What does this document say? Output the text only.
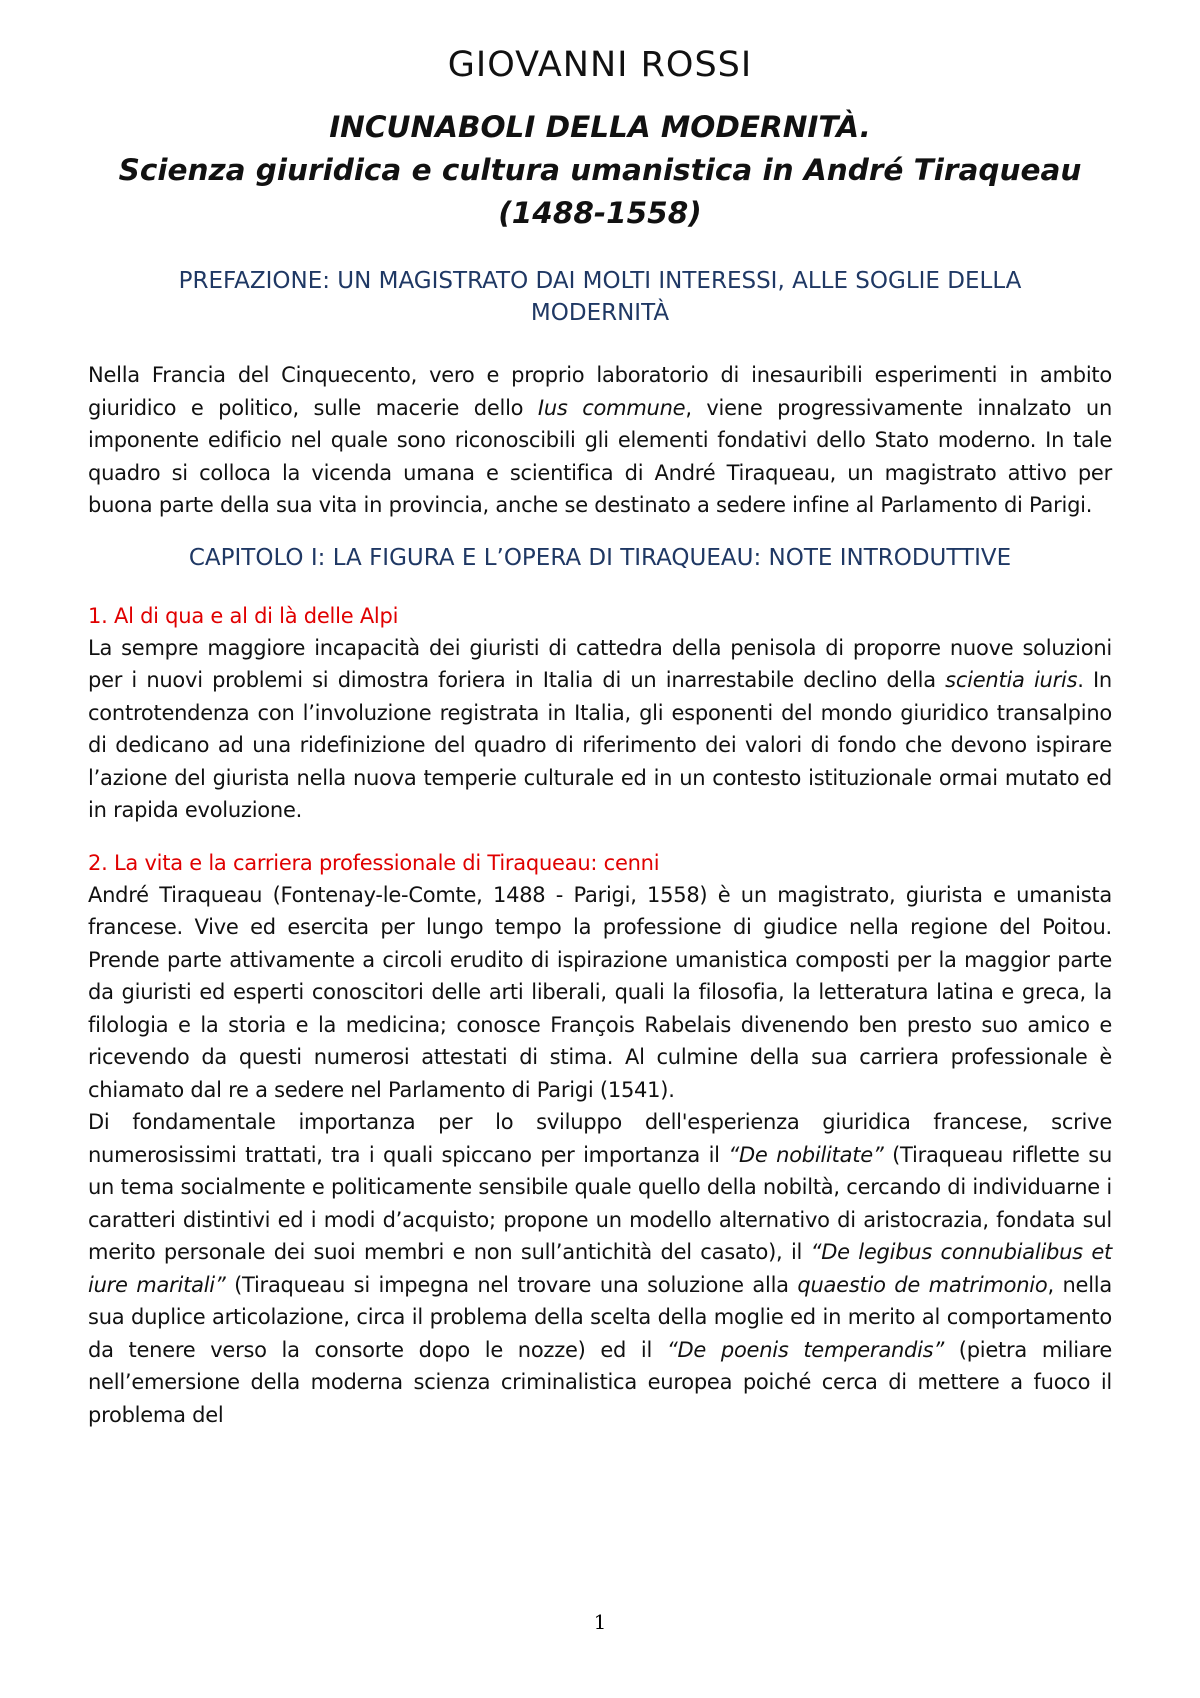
GIOVANNI ROSSI
INCUNABOLI DELLA MODERNITÀ.
Scienza giuridica e cultura umanistica in André Tiraqueau
(1488-1558)
PREFAZIONE: UN MAGISTRATO DAI MOLTI INTERESSI, ALLE SOGLIE DELLA
MODERNITÀ

Nella Francia del Cinquecento, vero e proprio laboratorio di inesauribili esperimenti in ambito giuridico e politico, sulle macerie dello Ius commune, viene progressivamente innalzato un imponente edificio nel quale sono riconoscibili gli elementi fondativi dello Stato moderno. In tale quadro si colloca la vicenda umana e scientifica di André Tiraqueau, un magistrato attivo per buona parte della sua vita in provincia, anche se destinato a sedere infine al Parlamento di Parigi.

CAPITOLO I: LA FIGURA E L’OPERA DI TIRAQUEAU: NOTE INTRODUTTIVE
1. Al di qua e al di là delle Alpi

La sempre maggiore incapacità dei giuristi di cattedra della penisola di proporre nuove soluzioni per i nuovi problemi si dimostra foriera in Italia di un inarrestabile declino della scientia iuris. In controtendenza con l’involuzione registrata in Italia, gli esponenti del mondo giuridico transalpino di dedicano ad una ridefinizione del quadro di riferimento dei valori di fondo che devono ispirare l’azione del giurista nella nuova temperie culturale ed in un contesto istituzionale ormai mutato ed in rapida evoluzione.

2. La vita e la carriera professionale di Tiraqueau: cenni

André Tiraqueau (Fontenay-le-Comte, 1488 - Parigi, 1558) è un magistrato, giurista e umanista francese. Vive ed esercita per lungo tempo la professione di giudice nella regione del Poitou. Prende parte attivamente a circoli erudito di ispirazione umanistica composti per la maggior parte da giuristi ed esperti conoscitori delle arti liberali, quali la filosofia, la letteratura latina e greca, la filologia e la storia e la medicina; conosce François Rabelais divenendo ben presto suo amico e ricevendo da questi numerosi attestati di stima. Al culmine della sua carriera professionale è chiamato dal re a sedere nel Parlamento di Parigi (1541).

Di fondamentale importanza per lo sviluppo dell'esperienza giuridica francese, scrive numerosissimi trattati, tra i quali spiccano per importanza il “De nobilitate” (Tiraqueau riflette su un tema socialmente e politicamente sensibile quale quello della nobiltà, cercando di individuarne i caratteri distintivi ed i modi d’acquisto; propone un modello alternativo di aristocrazia, fondata sul merito personale dei suoi membri e non sull’antichità del casato), il “De legibus connubialibus et iure maritali” (Tiraqueau si impegna nel trovare una soluzione alla quaestio de matrimonio, nella sua duplice articolazione, circa il problema della scelta della moglie ed in merito al comportamento da tenere verso la consorte dopo le nozze) ed il “De poenis temperandis” (pietra miliare nell’emersione della moderna scienza criminalistica europea poiché cerca di mettere a fuoco il problema del

1
